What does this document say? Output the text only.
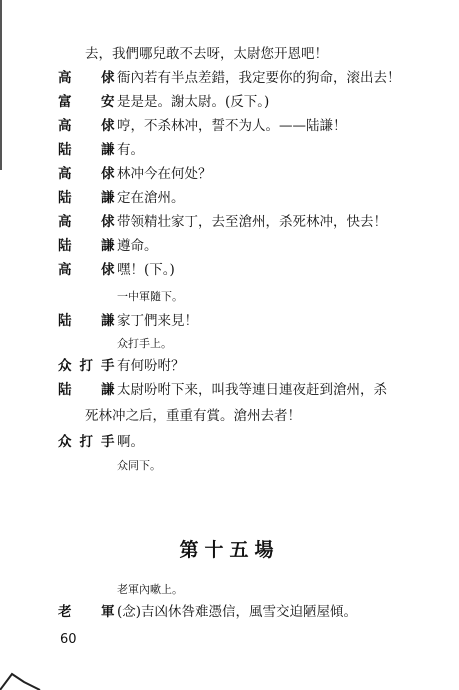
去，我們哪兒敢不去呀，太尉您开恩吧！
高　俅
衙內若有半点差錯，我定要你的狗命，滚出去！
富　安
是是是。謝太尉。(反下。)
高　俅
哼，不杀林冲，誓不为人。——陆謙！
陆　謙
有。
高　俅
林冲今在何处？
陆　謙
定在滄州。
高　俅
带领精壮家丁，去至滄州，杀死林冲，快去！
陆　謙
遵命。
高　俅
嘿！(下。)
一中軍隨下。
陆　謙
家丁們来見！
众打手上。
众打手
有何吩咐？
陆　謙
太尉吩咐下来，叫我等連日連夜赶到滄州，杀
死林冲之后，重重有賞。滄州去者！
众打手
啊。
众同下。
第十五場
老軍內嗽上。
老　軍
(念)吉凶休咎难憑信，風雪交迫陋屋傾。
60
